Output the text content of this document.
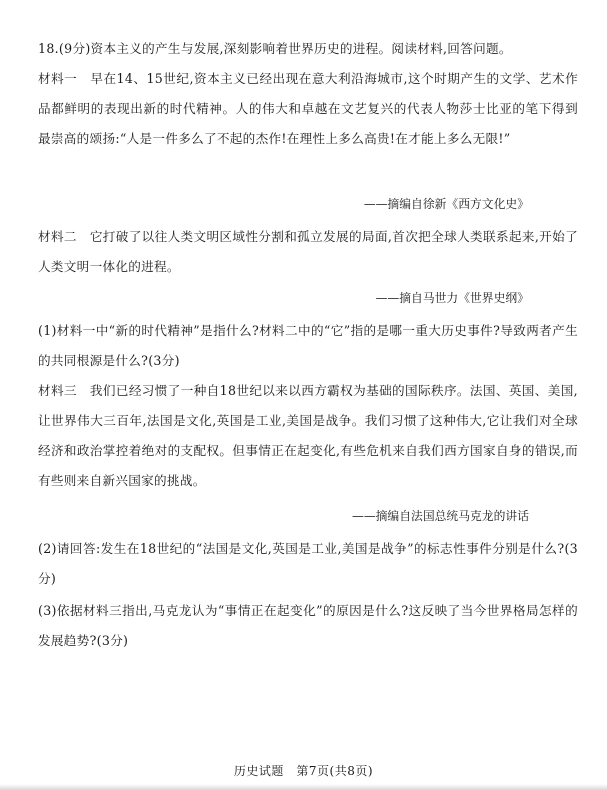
18.(9分)资本主义的产生与发展,深刻影响着世界历史的进程。阅读材料,回答问题。
材料一　早在14、15世纪,资本主义已经出现在意大利沿海城市,这个时期产生的文学、艺术作品都鲜明的表现出新的时代精神。人的伟大和卓越在文艺复兴的代表人物莎士比亚的笔下得到最崇高的颂扬:“人是一件多么了不起的杰作!在理性上多么高贵!在才能上多么无限!”
——摘编自徐新《西方文化史》
材料二　它打破了以往人类文明区域性分割和孤立发展的局面,首次把全球人类联系起来,开始了人类文明一体化的进程。
——摘自马世力《世界史纲》
(1)材料一中“新的时代精神”是指什么?材料二中的“它”指的是哪一重大历史事件?导致两者产生的共同根源是什么?(3分)
材料三　我们已经习惯了一种自18世纪以来以西方霸权为基础的国际秩序。法国、英国、美国,让世界伟大三百年,法国是文化,英国是工业,美国是战争。我们习惯了这种伟大,它让我们对全球经济和政治掌控着绝对的支配权。但事情正在起变化,有些危机来自我们西方国家自身的错误,而有些则来自新兴国家的挑战。
——摘编自法国总统马克龙的讲话
(2)请回答:发生在18世纪的“法国是文化,英国是工业,美国是战争”的标志性事件分别是什么?(3分)
(3)依据材料三指出,马克龙认为“事情正在起变化”的原因是什么?这反映了当今世界格局怎样的发展趋势?(3分)
历史试题　第7页(共8页)
